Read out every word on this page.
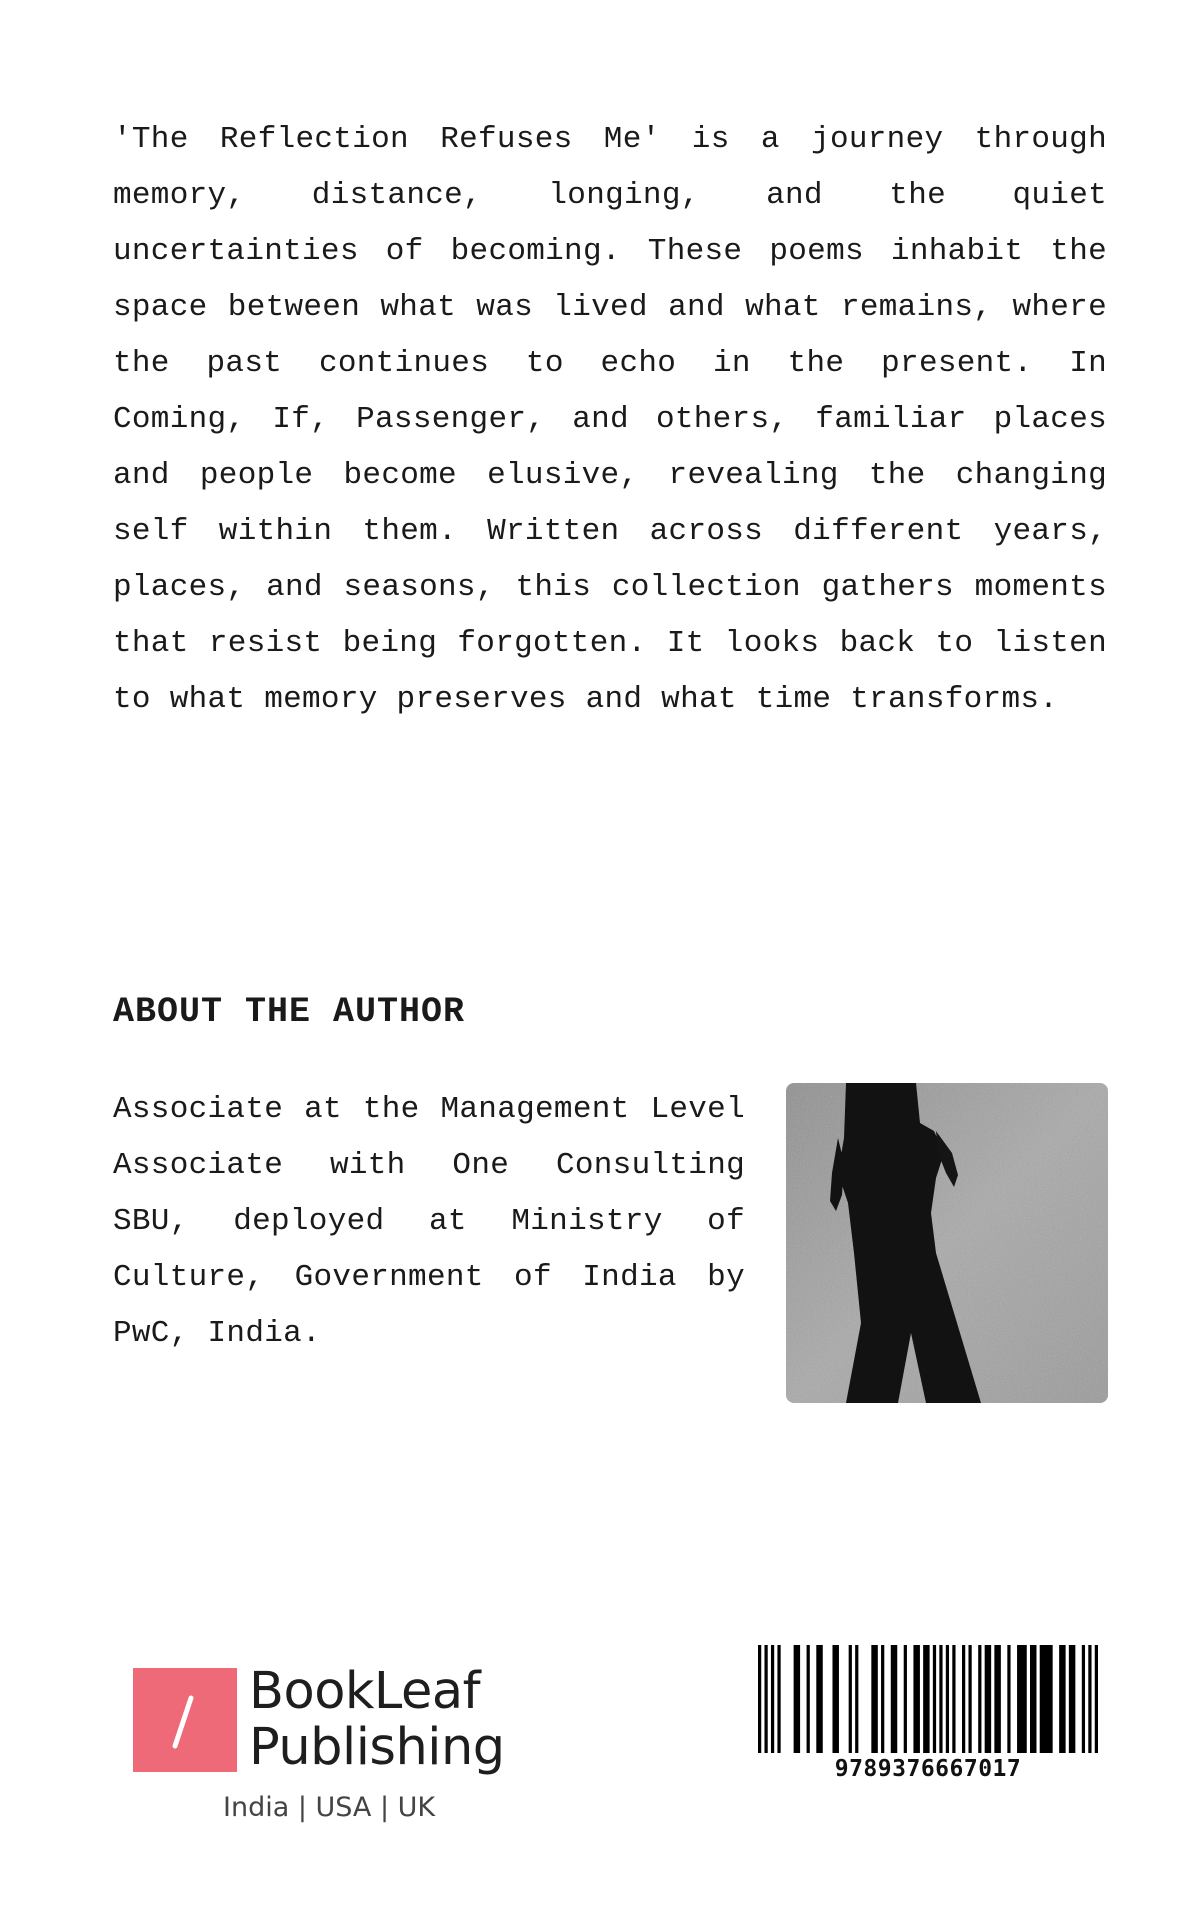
'The Reflection Refuses Me' is a journey through memory, distance, longing, and the quiet uncertainties of becoming. These poems inhabit the space between what was lived and what remains, where the past continues to echo in the present. In Coming, If, Passenger, and others, familiar places and people become elusive, revealing the changing self within them. Written across different years, places, and seasons, this collection gathers moments that resist being forgotten. It looks back to listen to what memory preserves and what time transforms.

ABOUT THE AUTHOR

Associate at the Management Level Associate with One Consulting SBU, deployed at Ministry of Culture, Government of India by PwC, India.

BookLeaf
Publishing
India | USA | UK
9789376667017
